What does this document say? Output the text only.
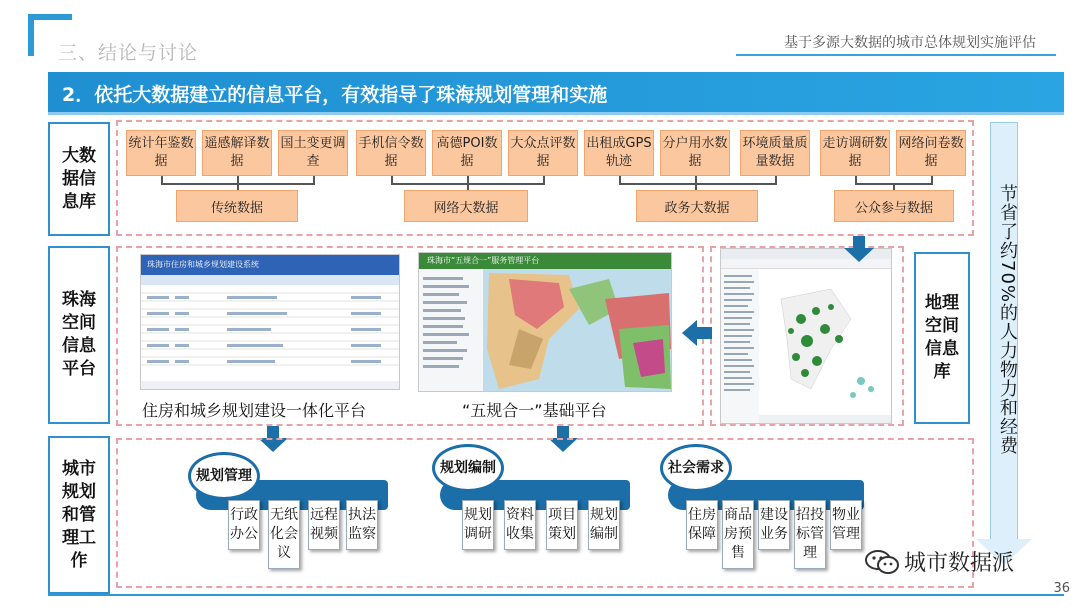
三、结论与讨论	基于多源大数据的城市总体规划实施评估
2．依托大数据建立的信息平台，有效指导了珠海规划管理和实施
大数据信息库
珠海空间信息平台
城市规划和管理工作
地理空间信息库
统计年鉴数据
遥感解译数据
国土变更调查
手机信令数据
高德POI数据
大众点评数据
出租成GPS轨迹
分户用水数据
环境质量质量数据
走访调研数据
网络问卷数据
传统数据	网络大数据	政务大数据	公众参与数据	节省了约70%的人力物力和经费
珠海市住房和城乡规划建设系统
住房和城乡规划建设一体化平台
珠海市“五规合一”服务管理平台
“五规合一”基础平台
规划管理
行政办公
无纸化会议
远程视频
执法监察
规划编制
规划调研
资料收集
项目策划
规划编制
社会需求
住房保障
商品房预售
建设业务
招投标管理
物业管理
城市数据派
36
